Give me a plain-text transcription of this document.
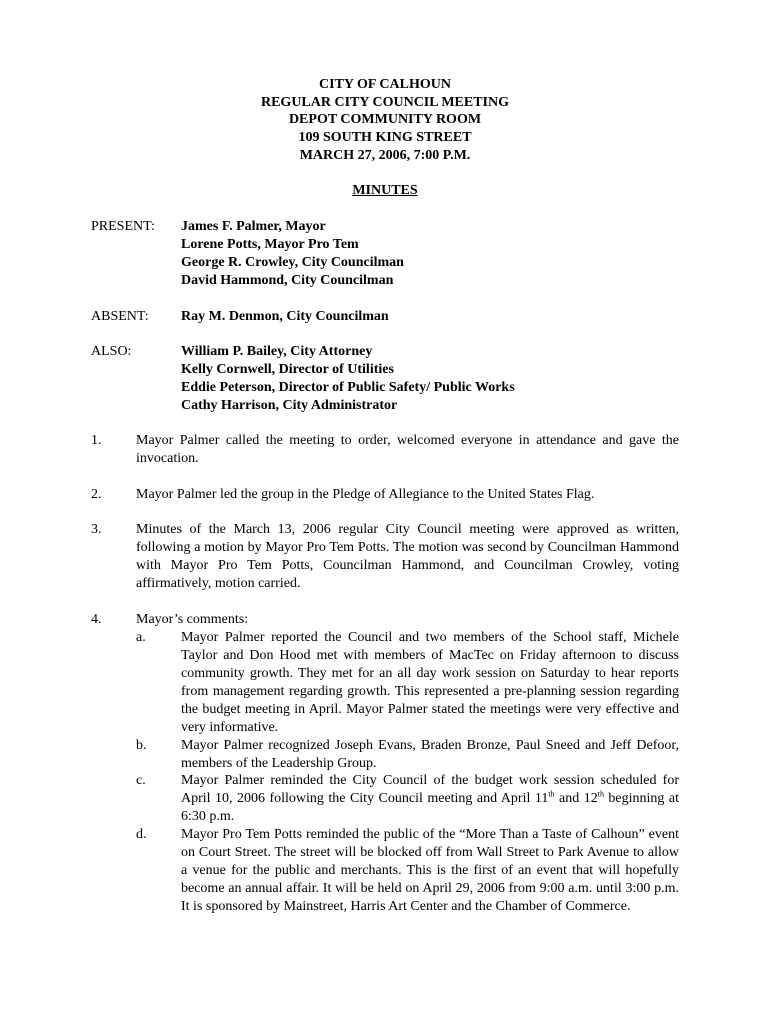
CITY OF CALHOUN
REGULAR CITY COUNCIL MEETING
DEPOT COMMUNITY ROOM
109 SOUTH KING STREET
MARCH 27, 2006, 7:00 P.M.
MINUTES
PRESENT: James F. Palmer, Mayor
Lorene Potts, Mayor Pro Tem
George R. Crowley, City Councilman
David Hammond, City Councilman
ABSENT: Ray M. Denmon, City Councilman
ALSO:	William P. Bailey, City Attorney
Kelly Cornwell, Director of Utilities
Eddie Peterson, Director of Public Safety/ Public Works
Cathy Harrison, City Administrator
1. Mayor Palmer called the meeting to order, welcomed everyone in attendance and gave the invocation.
2. Mayor Palmer led the group in the Pledge of Allegiance to the United States Flag.
3. Minutes of the March 13, 2006 regular City Council meeting were approved as written, following a motion by Mayor Pro Tem Potts. The motion was second by Councilman Hammond with Mayor Pro Tem Potts, Councilman Hammond, and Councilman Crowley, voting affirmatively, motion carried.
4. Mayor’s comments:
a.	Mayor Palmer reported the Council and two members of the School staff, Michele Taylor and Don Hood met with members of MacTec on Friday afternoon to discuss community growth. They met for an all day work session on Saturday to hear reports from management regarding growth. This represented a pre-planning session regarding the budget meeting in April. Mayor Palmer stated the meetings were very effective and very informative.
b. Mayor Palmer recognized Joseph Evans, Braden Bronze, Paul Sneed and Jeff Defoor, members of the Leadership Group.
c.	Mayor Palmer reminded the City Council of the budget work session scheduled for April 10, 2006 following the City Council meeting and April 11th and 12th beginning at 6:30 p.m.
d. Mayor Pro Tem Potts reminded the public of the “More Than a Taste of Calhoun” event on Court Street. The street will be blocked off from Wall Street to Park Avenue to allow a venue for the public and merchants. This is the first of an event that will hopefully become an annual affair. It will be held on April 29, 2006 from 9:00 a.m. until 3:00 p.m. It is sponsored by Mainstreet, Harris Art Center and the Chamber of Commerce.
